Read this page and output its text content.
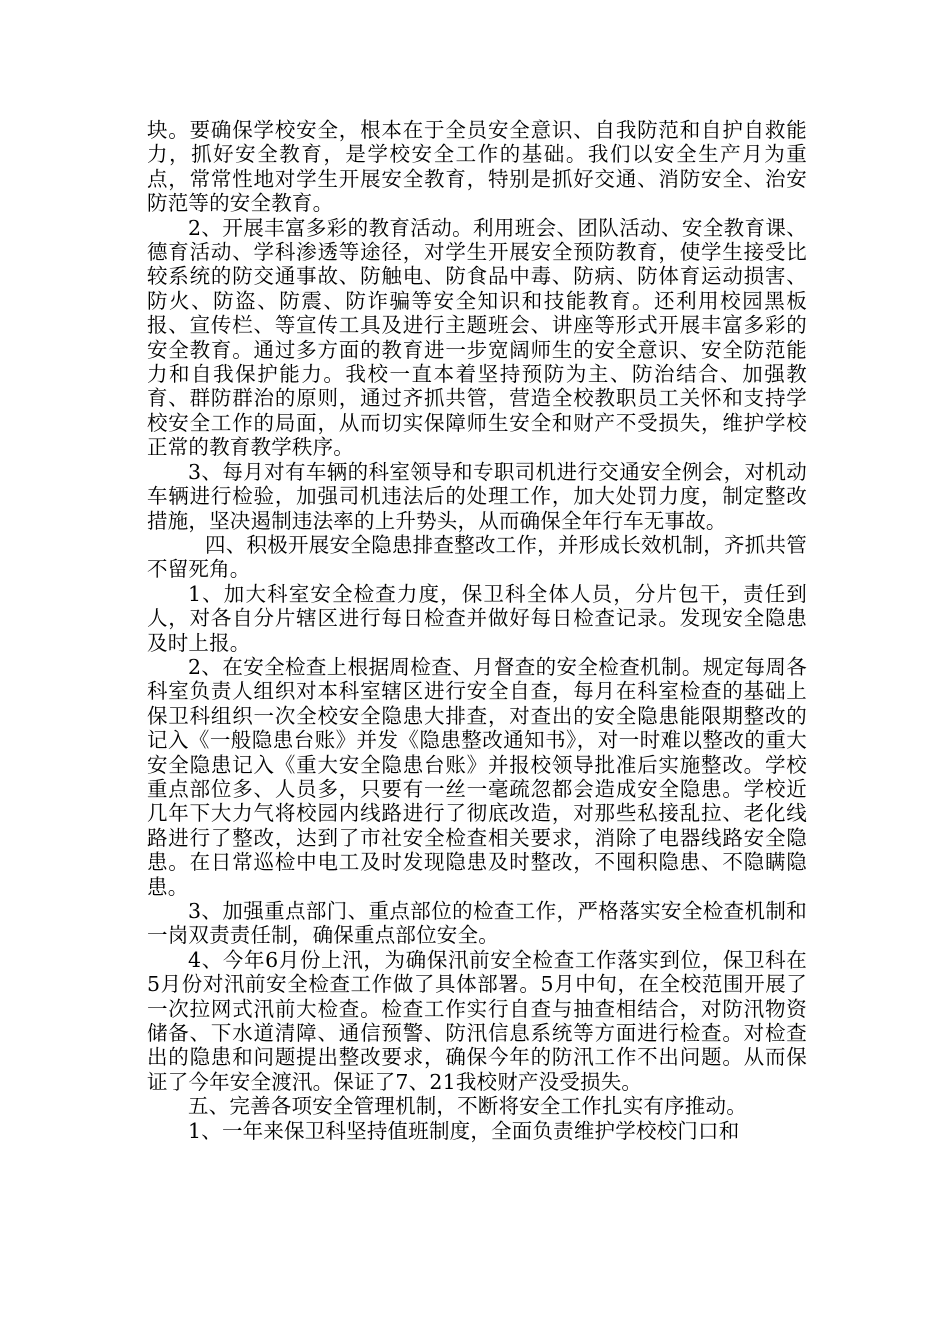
块。要确保学校安全，根本在于全员安全意识、自我防范和自护自救能力，抓好安全教育，是学校安全工作的基础。我们以安全生产月为重点，常常性地对学生开展安全教育，特别是抓好交通、消防安全、治安防范等的安全教育。

2、开展丰富多彩的教育活动。利用班会、团队活动、安全教育课、德育活动、学科渗透等途径，对学生开展安全预防教育，使学生接受比较系统的防交通事故、防触电、防食品中毒、防病、防体育运动损害、防火、防盗、防震、防诈骗等安全知识和技能教育。还利用校园黑板报、宣传栏、等宣传工具及进行主题班会、讲座等形式开展丰富多彩的安全教育。通过多方面的教育进一步宽阔师生的安全意识、安全防范能力和自我保护能力。我校一直本着坚持预防为主、防治结合、加强教育、群防群治的原则，通过齐抓共管，营造全校教职员工关怀和支持学校安全工作的局面，从而切实保障师生安全和财产不受损失，维护学校正常的教育教学秩序。

3、每月对有车辆的科室领导和专职司机进行交通安全例会，对机动车辆进行检验，加强司机违法后的处理工作，加大处罚力度，制定整改措施，坚决遏制违法率的上升势头，从而确保全年行车无事故。

四、积极开展安全隐患排查整改工作，并形成长效机制，齐抓共管不留死角。

1、加大科室安全检查力度，保卫科全体人员，分片包干，责任到人，对各自分片辖区进行每日检查并做好每日检查记录。发现安全隐患及时上报。

2、在安全检查上根据周检查、月督查的安全检查机制。规定每周各科室负责人组织对本科室辖区进行安全自查，每月在科室检查的基础上保卫科组织一次全校安全隐患大排查，对查出的安全隐患能限期整改的记入《一般隐患台账》并发《隐患整改通知书》，对一时难以整改的重大安全隐患记入《重大安全隐患台账》并报校领导批准后实施整改。学校重点部位多、人员多，只要有一丝一毫疏忽都会造成安全隐患。学校近几年下大力气将校园内线路进行了彻底改造，对那些私接乱拉、老化线路进行了整改，达到了市社安全检查相关要求，消除了电器线路安全隐患。在日常巡检中电工及时发现隐患及时整改，不囤积隐患、不隐瞒隐患。

3、加强重点部门、重点部位的检查工作，严格落实安全检查机制和一岗双责责任制，确保重点部位安全。

4、今年6月份上汛，为确保汛前安全检查工作落实到位，保卫科在5月份对汛前安全检查工作做了具体部署。5月中旬，在全校范围开展了一次拉网式汛前大检查。检查工作实行自查与抽查相结合，对防汛物资储备、下水道清障、通信预警、防汛信息系统等方面进行检查。对检查出的隐患和问题提出整改要求，确保今年的防汛工作不出问题。从而保证了今年安全渡汛。保证了7、21我校财产没受损失。

五、完善各项安全管理机制，不断将安全工作扎实有序推动。

1、一年来保卫科坚持值班制度，全面负责维护学校校门口和
